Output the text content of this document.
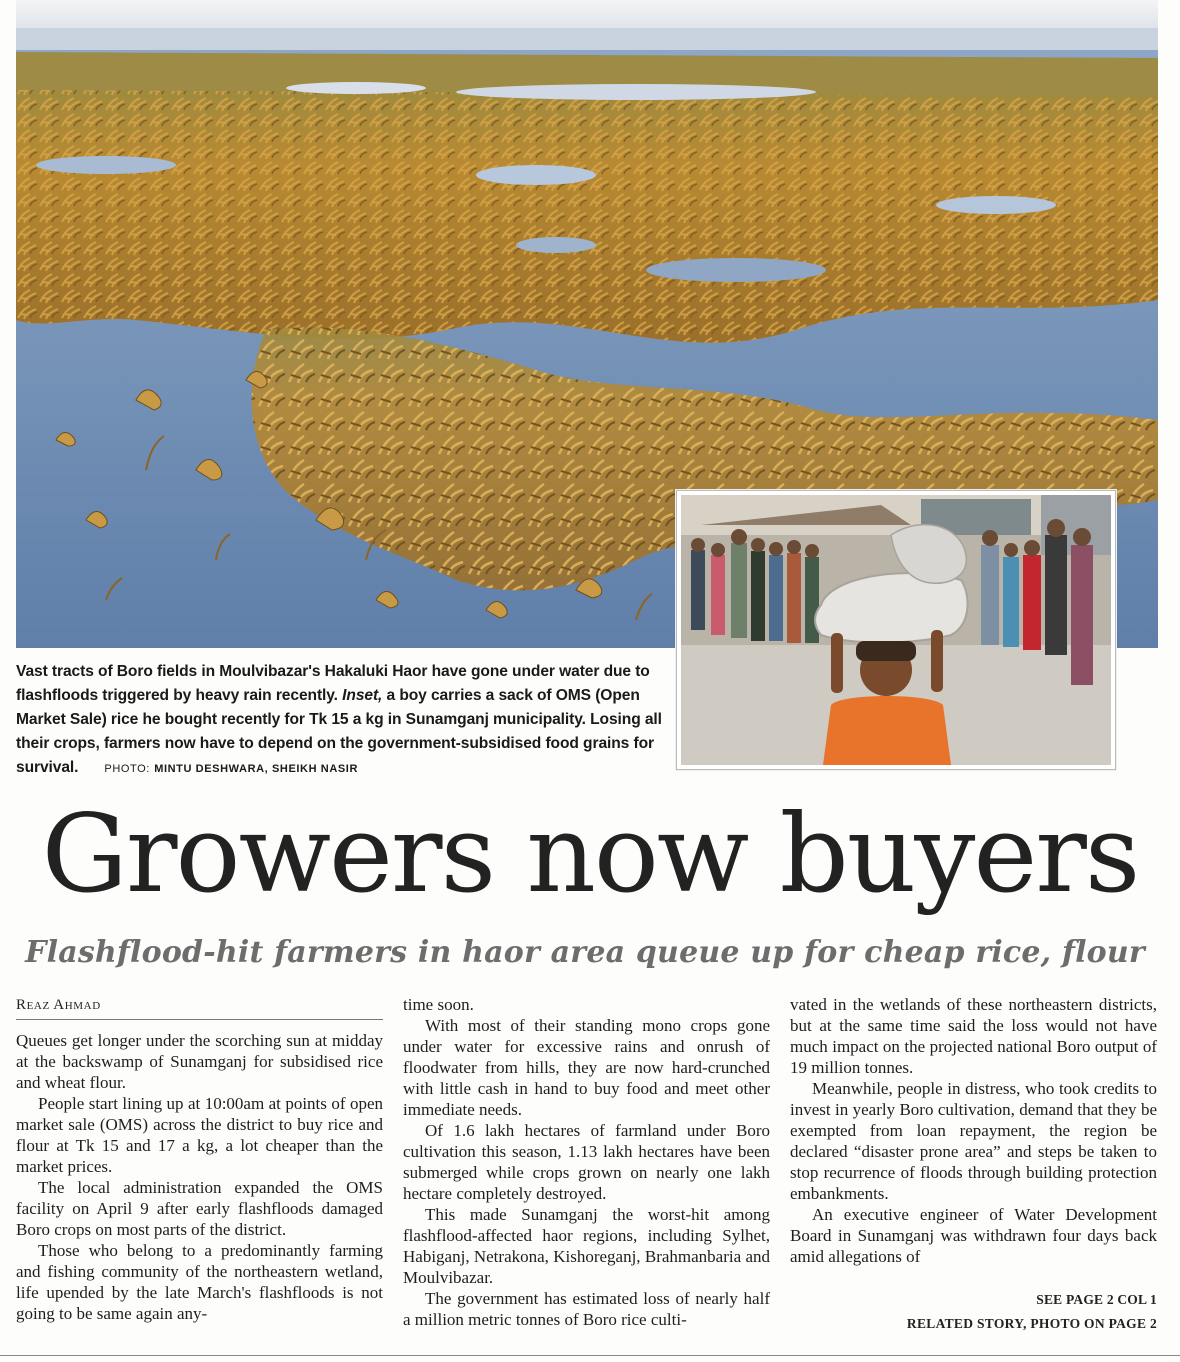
Vast tracts of Boro fields in Moulvibazar's Hakaluki Haor have gone under water due to flashfloods triggered by heavy rain recently. Inset, a boy carries a sack of OMS (Open Market Sale) rice he bought recently for Tk 15 a kg in Sunamganj municipality. Losing all their crops, farmers now have to depend on the government-subsidised food grains for survival. PHOTO: MINTU DESHWARA, SHEIKH NASIR
Growers now buyers
Flashflood-hit farmers in haor area queue up for cheap rice, flour
Reaz Ahmad

Queues get longer under the scorching sun at midday at the backswamp of Sunamganj for subsidised rice and wheat flour.

People start lining up at 10:00am at points of open market sale (OMS) across the district to buy rice and flour at Tk 15 and 17 a kg, a lot cheaper than the market prices.

The local administration expanded the OMS facility on April 9 after early flashfloods damaged Boro crops on most parts of the district.

Those who belong to a predominantly farming and fishing community of the northeastern wetland, life upended by the late March's flashfloods is not going to be same again any-

time soon.

With most of their standing mono crops gone under water for excessive rains and onrush of floodwater from hills, they are now hard-crunched with little cash in hand to buy food and meet other immediate needs.

Of 1.6 lakh hectares of farmland under Boro cultivation this season, 1.13 lakh hectares have been submerged while crops grown on nearly one lakh hectare completely destroyed.

This made Sunamganj the worst-hit among flashflood-affected haor regions, including Sylhet, Habiganj, Netrakona, Kishoreganj, Brahmanbaria and Moulvibazar.

The government has estimated loss of nearly half a million metric tonnes of Boro rice culti-

vated in the wetlands of these northeastern districts, but at the same time said the loss would not have much impact on the projected national Boro output of 19 million tonnes.

Meanwhile, people in distress, who took credits to invest in yearly Boro cultivation, demand that they be exempted from loan repayment, the region be declared “disaster prone area” and steps be taken to stop recurrence of floods through building protection embankments.

An executive engineer of Water Development Board in Sunamganj was withdrawn four days back amid allegations of

SEE PAGE 2 COL 1
RELATED STORY, PHOTO ON PAGE 2
